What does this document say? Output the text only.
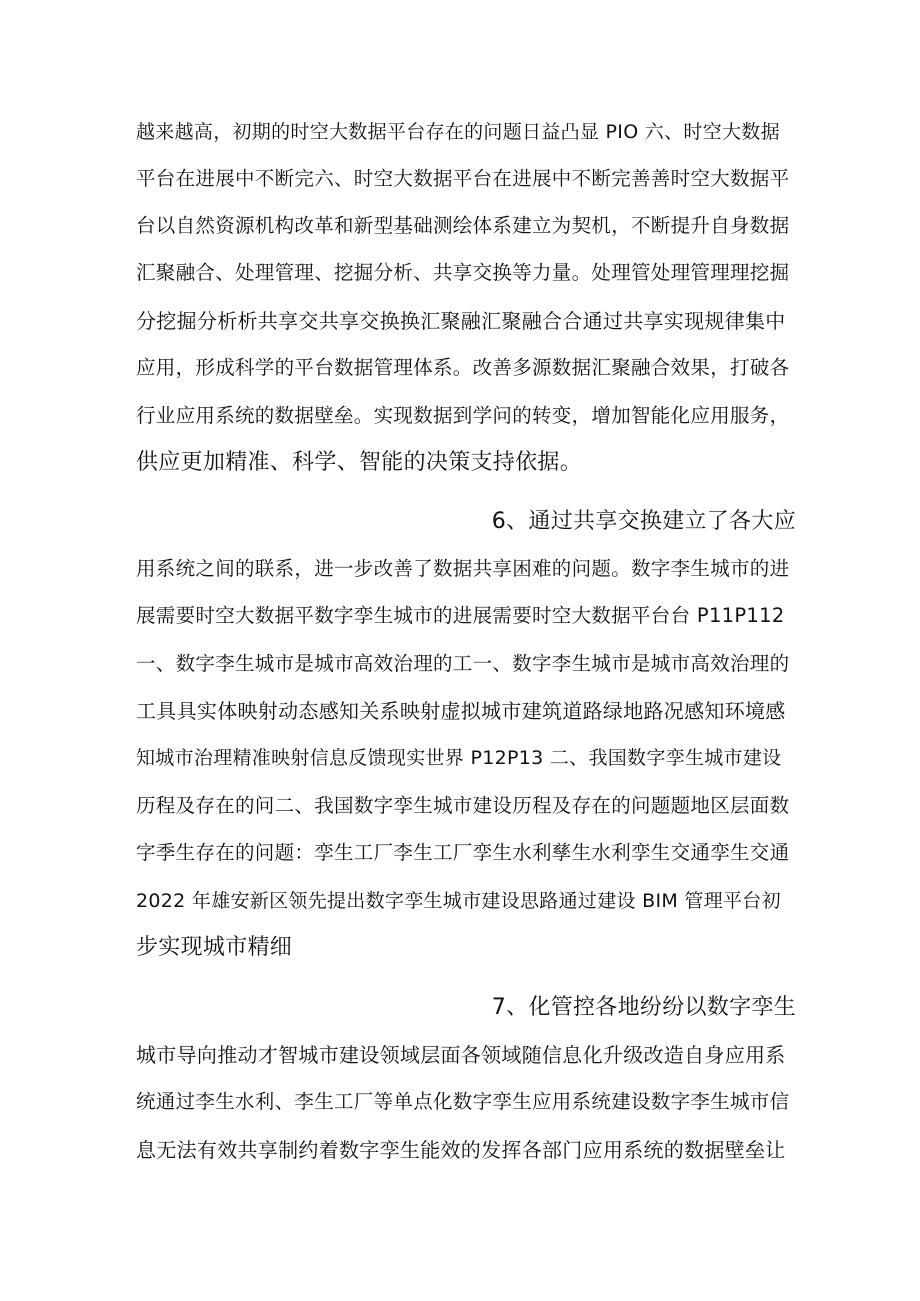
越来越高，初期的时空大数据平台存在的问题日益凸显 PIO 六、时空大数据
平台在进展中不断完六、时空大数据平台在进展中不断完善善时空大数据平
台以自然资源机构改革和新型基础测绘体系建立为契机，不断提升自身数据
汇聚融合、处理管理、挖掘分析、共享交换等力量。处理管处理管理理挖掘
分挖掘分析析共享交共享交换换汇聚融汇聚融合合通过共享实现规律集中
应用，形成科学的平台数据管理体系。改善多源数据汇聚融合效果，打破各
行业应用系统的数据壁垒。实现数据到学问的转变，增加智能化应用服务，
供应更加精准、科学、智能的决策支持依据。
6、通过共享交换建立了各大应
用系统之间的联系，进一步改善了数据共享困难的问题。数字李生城市的进
展需要时空大数据平数字孪生城市的进展需要时空大数据平台台 P11P112
一、数字李生城市是城市高效治理的工一、数字李生城市是城市高效治理的
工具具实体映射动态感知关系映射虚拟城市建筑道路绿地路况感知环境感
知城市治理精准映射信息反馈现实世界 P12P13 二、我国数字孪生城市建设
历程及存在的问二、我国数字孪生城市建设历程及存在的问题题地区层面数
字季生存在的问题：孪生工厂李生工厂孪生水利孳生水利孪生交通孪生交通
2022 年雄安新区领先提出数字孪生城市建设思路通过建设 BIM 管理平台初
步实现城市精细
7、化管控各地纷纷以数字孪生
城市导向推动才智城市建设领域层面各领域随信息化升级改造自身应用系
统通过李生水利、李生工厂等单点化数字孪生应用系统建设数字李生城市信
息无法有效共享制约着数字孪生能效的发挥各部门应用系统的数据壁垒让
